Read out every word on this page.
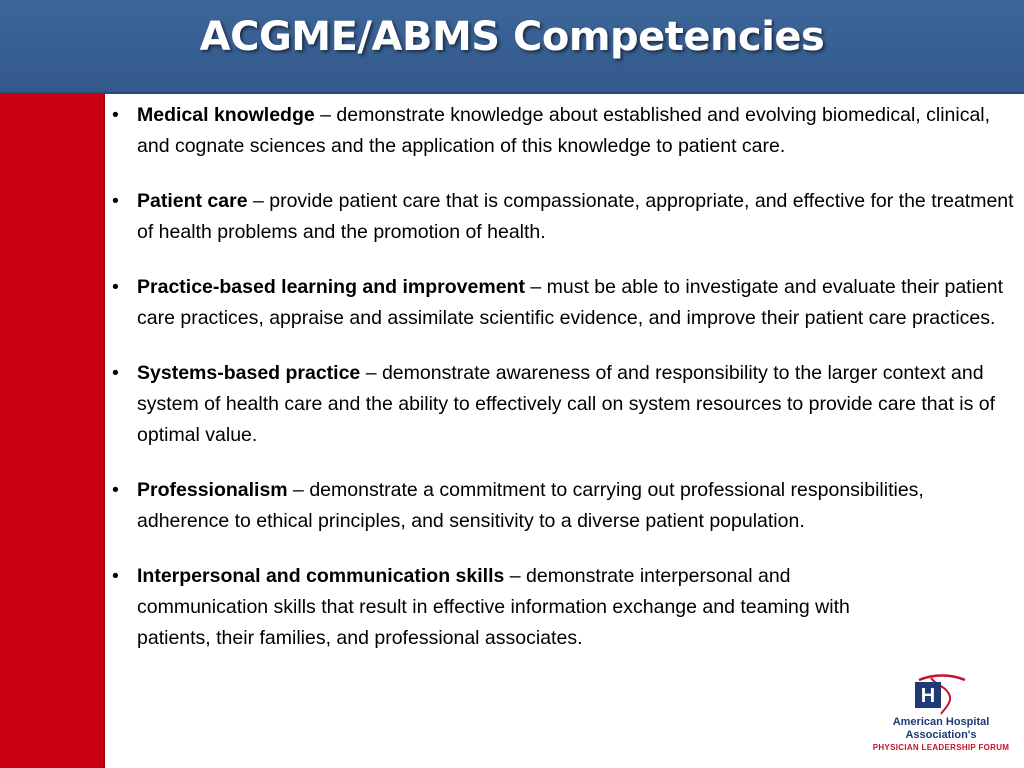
ACGME/ABMS Competencies
• Medical knowledge – demonstrate knowledge about established and evolving biomedical, clinical, and cognate sciences and the application of this knowledge to patient care.
• Patient care – provide patient care that is compassionate, appropriate, and effective for the treatment of health problems and the promotion of health.
• Practice-based learning and improvement – must be able to investigate and evaluate their patient care practices, appraise and assimilate scientific evidence, and improve their patient care practices.
• Systems-based practice – demonstrate awareness of and responsibility to the larger context and system of health care and the ability to effectively call on system resources to provide care that is of optimal value.
• Professionalism – demonstrate a commitment to carrying out professional responsibilities, adherence to ethical principles, and sensitivity to a diverse patient population.
• Interpersonal and communication skills – demonstrate interpersonal and communication skills that result in effective information exchange and teaming with patients, their families, and professional associates.
H
American Hospital
Association's
PHYSICIAN LEADERSHIP FORUM
